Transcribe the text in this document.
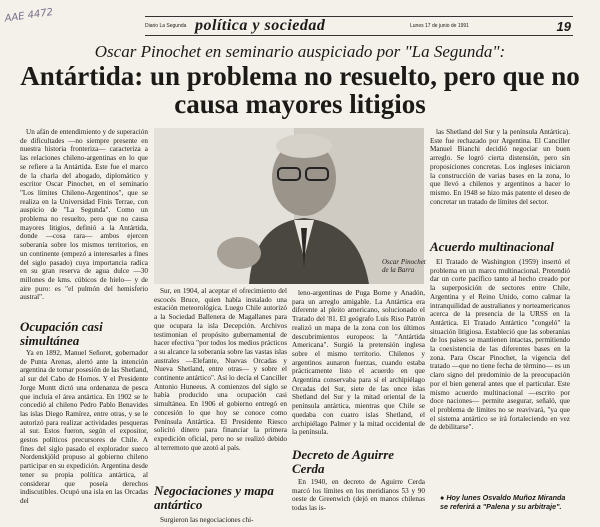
AAE 4472
Diario La Segunda política y sociedad	Lunes 17 de junio de 1991	19
Oscar Pinochet en seminario auspiciado por "La Segunda":
Antártida: un problema no resuelto, pero que no causa mayores litigios

Un afán de entendimiento y de superación de dificultades —no siempre presente en nuestra historia fronteriza— caracteriza a las relaciones chileno-argentinas en lo que se refiere a la Antártida. Este fue el marco de la charla del abogado, diplomático y escritor Oscar Pinochet, en el seminario "Los límites Chileno-Argentinos", que se realiza en la Universidad Finis Terrae, con auspicio de "La Segunda". Como un problema no resuelto, pero que no causa mayores litigios, definió a la Antártida, donde —cosa rara— ambos ejercen soberanía sobre los mismos territorios, en un continente (empezó a interesarles a fines del siglo pasado) cuya importancia radica en su gran reserva de agua dulce —30 millones de kms. cúbicos de hielo— y de aire puro: es "el pulmón del hemisferio austral".

Ocupación casi simultánea

Ya en 1892, Manuel Señoret, gobernador de Punta Arenas, alertó ante la intención argentina de tomar posesión de las Shetland, al sur del Cabo de Hornos. Y el Presidente Jorge Montt dictó una ordenanza de pesca que incluía el área antártica. En 1902 se le concedió al chileno Pedro Pablo Benavides las islas Diego Ramírez, entre otras, y se le autorizó para realizar actividades pesqueras al sur. Estos fueron, según el expositor, gestos políticos precursores de Chile. A fines del siglo pasado el explorador sueco Nordenskjöld propuso al gobierno chileno participar en su expedición. Argentina desde tener su propia política antártica, al considerar que poseía derechos indiscutibles. Ocupó una isla en las Orcadas del

Oscar Pinochet de la Barra

Sur, en 1904, al aceptar el ofrecimiento del escocés Bruce, quien había instalado una estación meteorológica. Luego Chile autorizó a la Sociedad Ballenera de Magallanes para que ocupara la isla Decepción. Archivos testimonian el propósito gubernamental de hacer efectiva "por todos los medios prácticos a su alcance la soberanía sobre las vastas islas australes —Elefante, Nuevas Orcadas y Nueva Shetland, entre otras— y sobre el continente antártico". Así lo decía el Canciller Antonio Huneeus. A comienzos del siglo se había producido una ocupación casi simultánea. En 1906 el gobierno entregó en concesión lo que hoy se conoce como Península Antártica. El Presidente Riesco solicitó dinero para financiar la primera expedición oficial, pero no se realizó debido al terremoto que azotó al país.

Negociaciones y mapa antártico

Surgieron las negociaciones chi-

leno-argentinas de Puga Borne y Anadón, para un arreglo amigable. La Antártica era diferente al pleito americano, solucionado el Tratado del '81. El geógrafo Luis Riso Patrón realizó un mapa de la zona con los últimos descubrimientos europeos: la "Antártida Americana". Surgió la pretensión inglesa sobre el mismo territorio. Chilenos y argentinos aunaron fuerzas, cuando estaba prácticamente listo el acuerdo en que Argentina conservaba para sí el archipiélago Orcadas del Sur, siete de las once islas Shetland del Sur y la mitad oriental de la península antártica, mientras que Chile se quedaba con cuatro islas Shetland, el archipiélago Palmer y la mitad occidental de la península.

Decreto de Aguirre Cerda

En 1940, en decreto de Aguirre Cerda marcó los límites en los meridianos 53 y 90 oeste de Greenwich (dejó en manos chilenas todas las is-

las Shetland del Sur y la península Antártica). Este fue rechazado por Argentina. El Canciller Manuel Bianchi decidió negociar un buen arreglo. Se logró cierta distensión, pero sin proposiciones concretas. Los ingleses iniciaron la construcción de varias bases en la zona, lo que llevó a chilenos y argentinos a hacer lo mismo. En 1948 se hizo más patente el deseo de concretar un tratado de límites del sector.

Acuerdo multinacional

El Tratado de Washington (1959) insertó el problema en un marco multinacional. Pretendió dar un corte pacífico tanto al hecho creado por la superposición de sectores entre Chile, Argentina y el Reino Unido, como calmar la intranquilidad de australianos y norteamericanos acerca de la presencia de la URSS en la Antártica. El Tratado Antártico "congeló" la situación litigiosa. Estableció que las soberanías de los países se mantienen intactas, permitiendo la coexistencia de las diferentes bases en la zona. Para Oscar Pinochet, la vigencia del tratado —que no tiene fecha de término— es un claro signo del predominio de la preocupación por el bien general antes que el particular. Este mismo acuerdo multinacional —escrito por doce naciones— permite asegurar, señaló, que el problema de límites no se reavivará, "ya que el sistema antártico se irá fortaleciendo en vez de debilitarse".

● Hoy lunes Osvaldo Muñoz Miranda se referirá a "Palena y su arbitraje".
